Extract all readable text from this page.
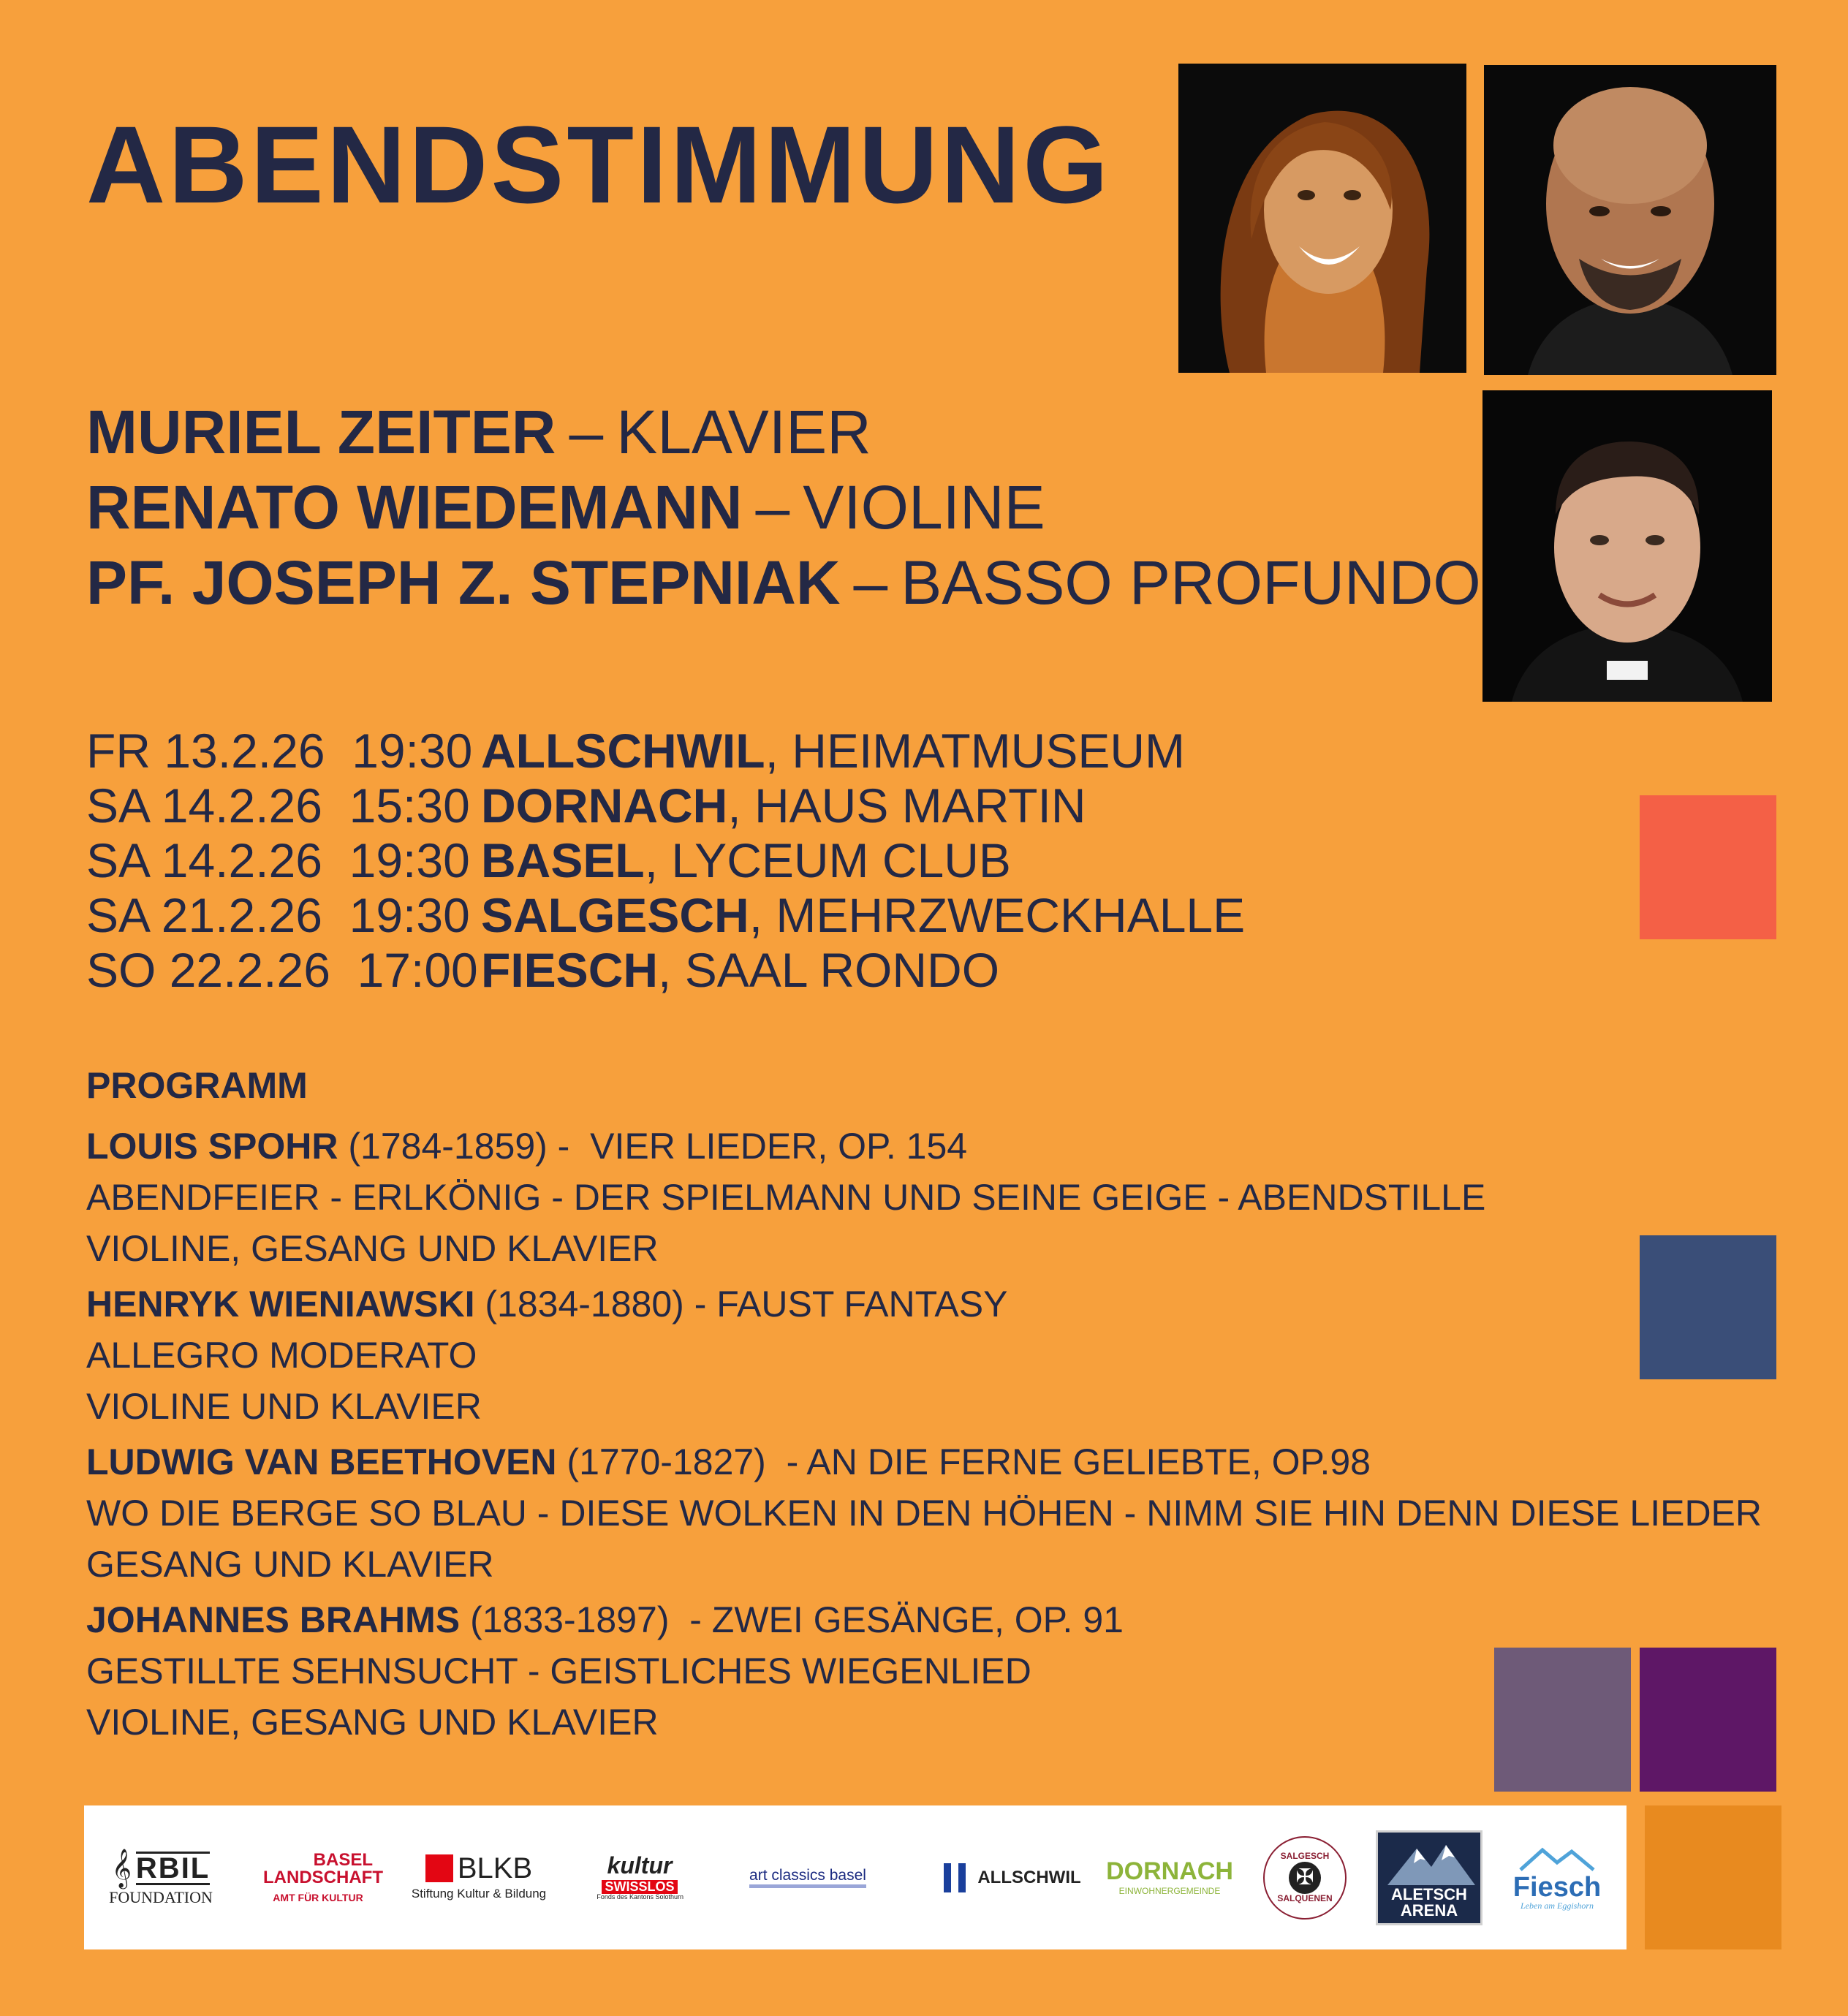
ABENDSTIMMUNG
MURIEL ZEITER – KLAVIER
RENATO WIEDEMANN – VIOLINE
PF. JOSEPH Z. STEPNIAK – BASSO PROFUNDO
FR 13.2.26  19:30 ALLSCHWIL, HEIMATMUSEUM
SA 14.2.26  15:30 DORNACH, HAUS MARTIN
SA 14.2.26  19:30 BASEL, LYCEUM CLUB
SA 21.2.26  19:30 SALGESCH, MEHRZWECKHALLE
SO 22.2.26  17:00FIESCH, SAAL RONDO
PROGRAMM
LOUIS SPOHR (1784-1859) -  VIER LIEDER, OP. 154
ABENDFEIER - ERLKÖNIG - DER SPIELMANN UND SEINE GEIGE - ABENDSTILLE
VIOLINE, GESANG UND KLAVIER
HENRYK WIENIAWSKI (1834-1880) - FAUST FANTASY
ALLEGRO MODERATO
VIOLINE UND KLAVIER
LUDWIG VAN BEETHOVEN (1770-1827)  - AN DIE FERNE GELIEBTE, OP.98
WO DIE BERGE SO BLAU - DIESE WOLKEN IN DEN HÖHEN - NIMM SIE HIN DENN DIESE LIEDER
GESANG UND KLAVIER
JOHANNES BRAHMS (1833-1897)  - ZWEI GESÄNGE, OP. 91
GESTILLTE SEHNSUCHT - GEISTLICHES WIEGENLIED
VIOLINE, GESANG UND KLAVIER
𝄞 RBIL
FOUNDATION
BASEL LANDSCHAFT
AMT FÜR KULTUR
BLKB
Stiftung Kultur & Bildung
kultur
SWISSLOS
Fonds des Kantons Solothurn
art classics basel	ALLSCHWIL DORNACH
EINWOHNERGEMEINDE
SALGESCH
✠
SALQUENEN	ALETSCH
ARENA
Fiesch
Leben am Eggishorn
